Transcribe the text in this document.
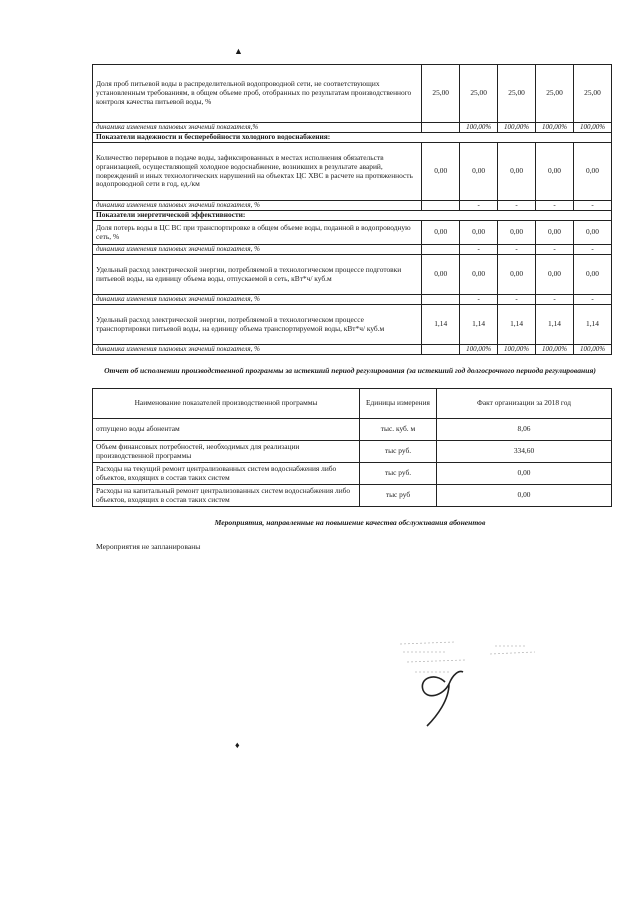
▲
Доля проб питьевой воды в распределительной водопроводной сети, не соответствующих установленным требованиям, в общем объеме проб, отобранных по результатам производственного контроля качества питьевой воды, %	25,00	25,00	25,00	25,00	25,00
динамика изменения плановых значений показателя,%		100,00%	100,00%	100,00%	100,00%
Показатели надежности и бесперебойности холодного водоснабжения:					
Количество перерывов в подаче воды, зафиксированных в местах исполнения обязательств организацией, осуществляющей холодное водоснабжение, возникших в результате аварий, повреждений и иных технологических нарушений на объектах ЦС ХВС в расчете на протяженность водопроводной сети в год, ед./км	0,00	0,00	0,00	0,00	0,00
динамика изменения плановых значений показателя, %		-	-	-	-
Показатели энергетической эффективности:					
Доля потерь воды в ЦС ВС при транспортировке в общем объеме воды, поданной в водопроводную сеть, %	0,00	0,00	0,00	0,00	0,00
динамика изменения плановых значений показателя, %		-	-	-	-
Удельный расход электрической энергии, потребляемой в технологическом процессе подготовки питьевой воды, на единицу объема воды, отпускаемой в сеть, кВт*ч/ куб.м	0,00	0,00	0,00	0,00	0,00
динамика изменения плановых значений показателя, %		-	-	-	-
Удельный расход электрической энергии, потребляемой в технологическом процессе транспортировки питьевой воды, на единицу объема транспортируемой воды, кВт*ч/ куб.м	1,14	1,14	1,14	1,14	1,14
динамика изменения плановых значений показателя, %		100,00%	100,00%	100,00%	100,00%
Отчет об исполнении производственной программы за истекший период регулирования (за истекший год долгосрочного периода регулирования)
Наименование показателей производственной программы	Единицы измерения	Факт организации за 2018 год
отпущено воды абонентам	тыс. куб. м	8,06
Объем финансовых потребностей, необходимых для реализации производственной программы	тыс руб.	334,60
Расходы на текущий ремонт централизованных систем водоснабжения либо объектов, входящих в состав таких систем	тыс руб.	0,00
Расходы на капитальный ремонт централизованных систем водоснабжения либо объектов, входящих в состав таких систем	тыс руб	0,00
Мероприятия, направленные на повышение качества обслуживания абонентов
Мероприятия не запланированы
♦
